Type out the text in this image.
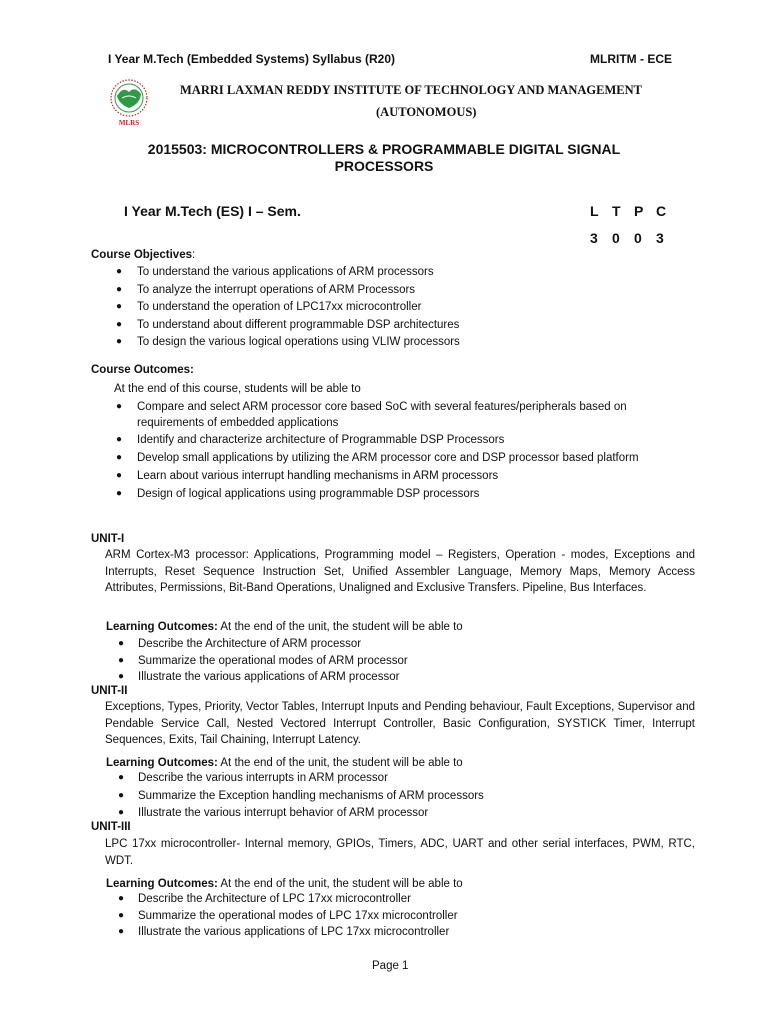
I Year M.Tech (Embedded Systems) Syllabus (R20)	MLRITM - ECE
MLRS
MARRI LAXMAN REDDY INSTITUTE OF TECHNOLOGY AND MANAGEMENT
(AUTONOMOUS)
2015503: MICROCONTROLLERS & PROGRAMMABLE DIGITAL SIGNAL
PROCESSORS
I Year M.Tech (ES) I – Sem.	L T P C
3 0 0 3
Course Objectives:
● To understand the various applications of ARM processors
● To analyze the interrupt operations of ARM Processors
● To understand the operation of LPC17xx microcontroller
● To understand about different programmable DSP architectures
● To design the various logical operations using VLIW processors
Course Outcomes:
At the end of this course, students will be able to
● Compare and select ARM processor core based SoC with several features/peripherals based on requirements of embedded applications
● Identify and characterize architecture of Programmable DSP Processors
● Develop small applications by utilizing the ARM processor core and DSP processor based platform
● Learn about various interrupt handling mechanisms in ARM processors
● Design of logical applications using programmable DSP processors
UNIT-I
ARM Cortex-M3 processor: Applications, Programming model – Registers, Operation - modes, Exceptions and Interrupts, Reset Sequence Instruction Set, Unified Assembler Language, Memory Maps, Memory Access Attributes, Permissions, Bit-Band Operations, Unaligned and Exclusive Transfers. Pipeline, Bus Interfaces.
Learning Outcomes: At the end of the unit, the student will be able to
● Describe the Architecture of ARM processor
● Summarize the operational modes of ARM processor
● Illustrate the various applications of ARM processor
UNIT-II
Exceptions, Types, Priority, Vector Tables, Interrupt Inputs and Pending behaviour, Fault Exceptions, Supervisor and Pendable Service Call, Nested Vectored Interrupt Controller, Basic Configuration, SYSTICK Timer, Interrupt Sequences, Exits, Tail Chaining, Interrupt Latency.
Learning Outcomes: At the end of the unit, the student will be able to
● Describe the various interrupts in ARM processor
● Summarize the Exception handling mechanisms of ARM processors
● Illustrate the various interrupt behavior of ARM processor
UNIT-III
LPC 17xx microcontroller- Internal memory, GPIOs, Timers, ADC, UART and other serial interfaces, PWM, RTC, WDT.
Learning Outcomes: At the end of the unit, the student will be able to
● Describe the Architecture of LPC 17xx microcontroller
● Summarize the operational modes of LPC 17xx microcontroller
● Illustrate the various applications of LPC 17xx microcontroller
Page 1
